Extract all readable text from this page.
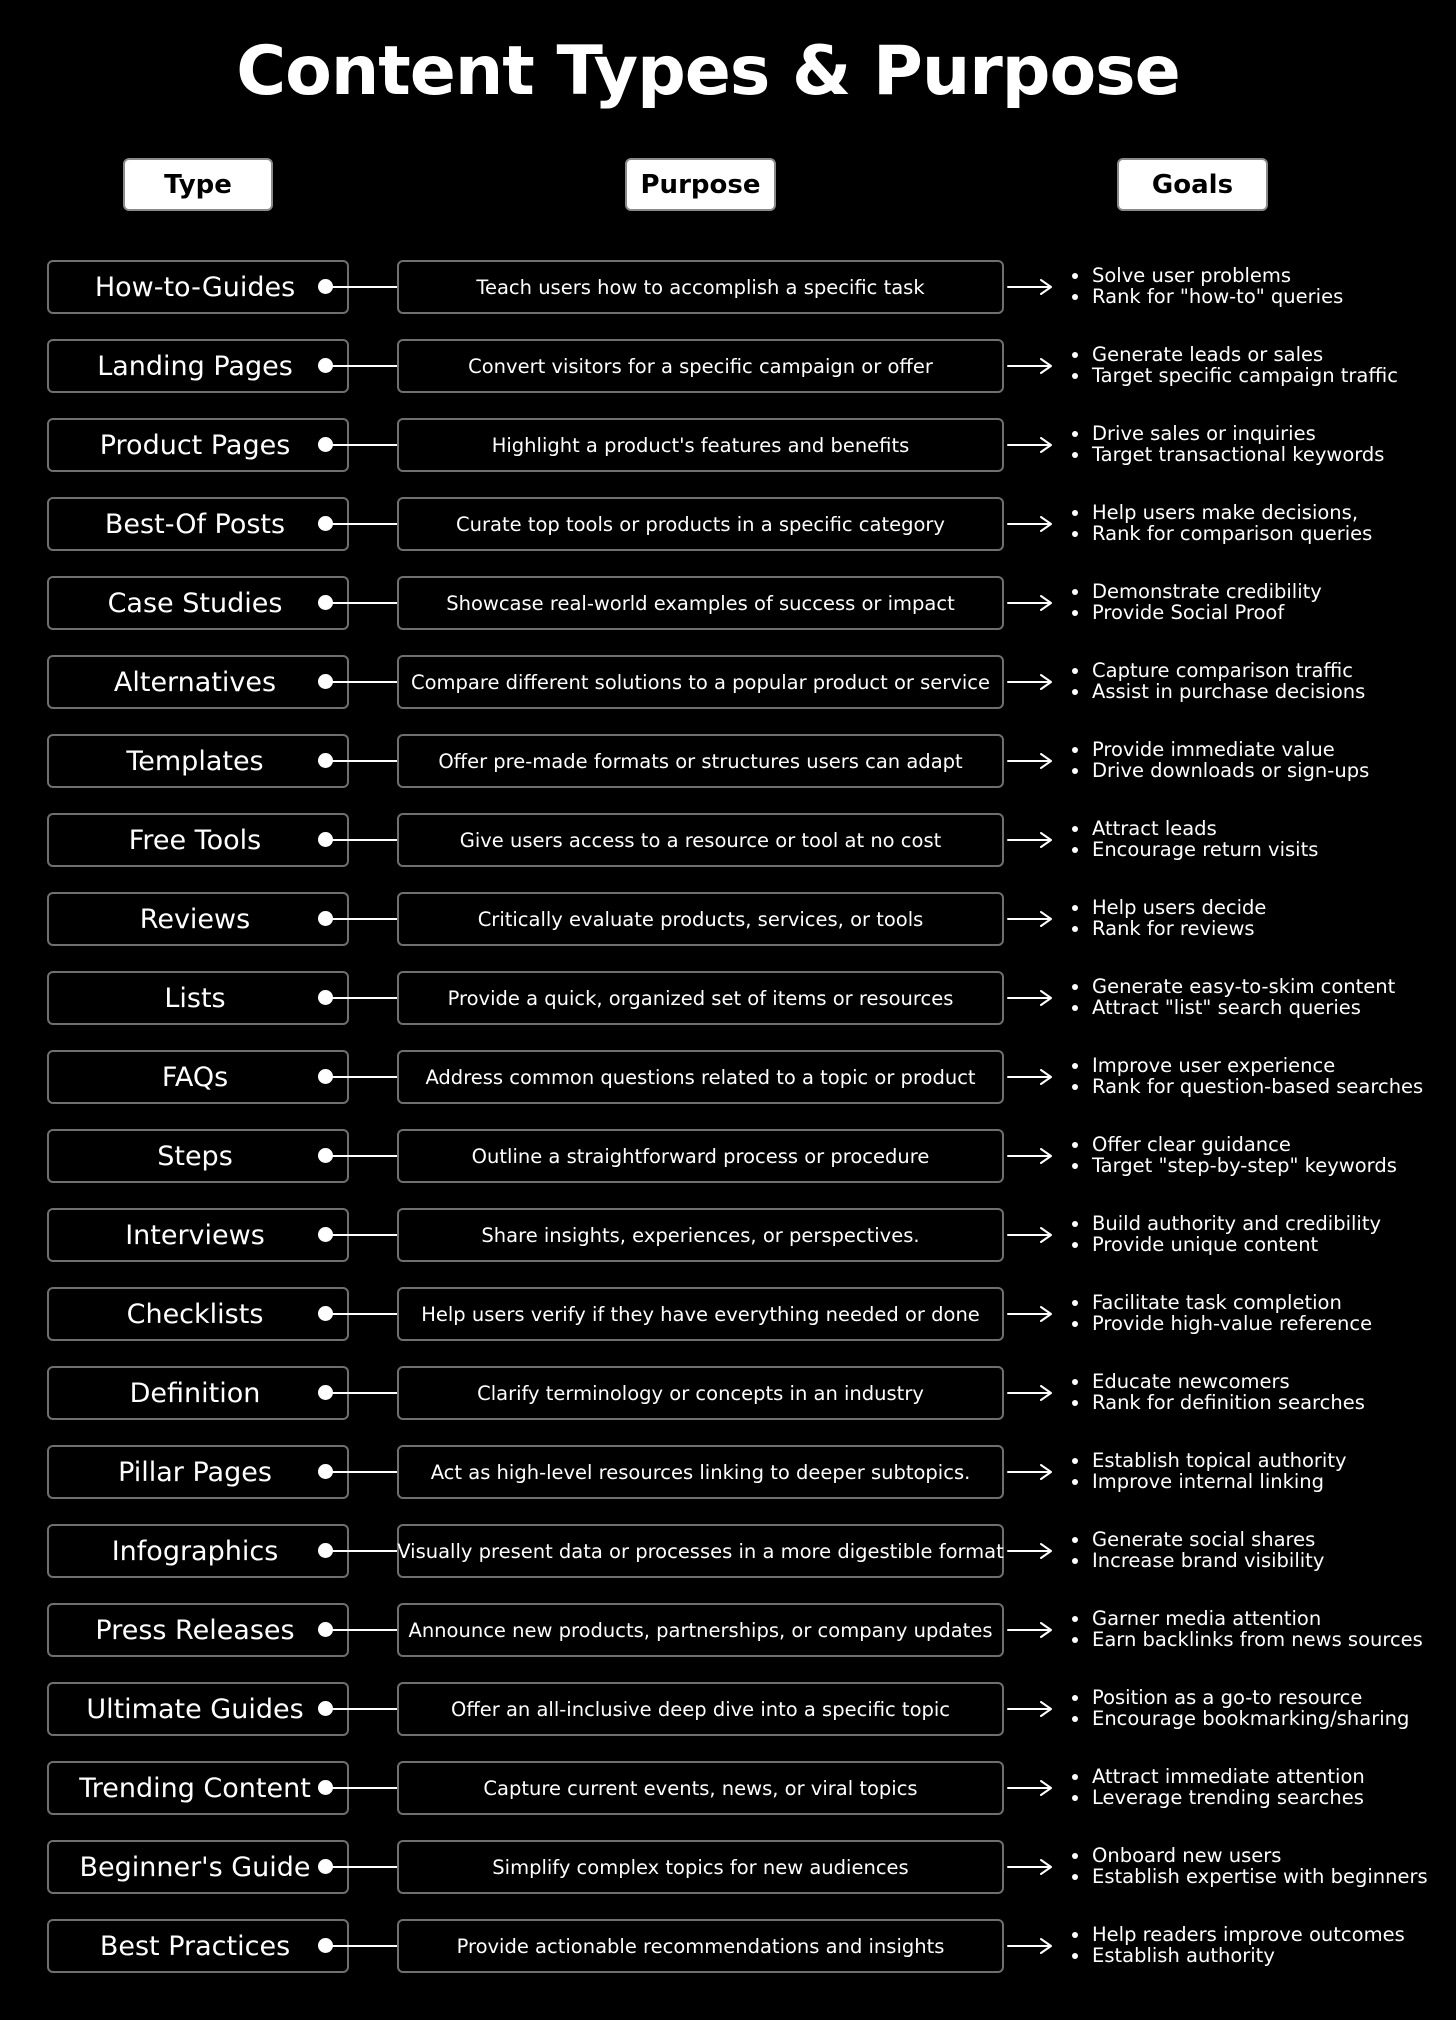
Content Types & Purpose
Type	Purpose	Goals
How-to-Guides	Teach users how to accomplish a specific task	Solve user problems
Rank for "how-to" queries
Landing Pages	Convert visitors for a specific campaign or offer	Generate leads or sales
Target specific campaign traffic
Product Pages	Highlight a product's features and benefits	Drive sales or inquiries
Target transactional keywords
Best-Of Posts	Curate top tools or products in a specific category	Help users make decisions,
Rank for comparison queries
Case Studies	Showcase real-world examples of success or impact	Demonstrate credibility
Provide Social Proof
Alternatives	Compare different solutions to a popular product or service	Capture comparison traffic
Assist in purchase decisions
Templates	Offer pre-made formats or structures users can adapt	Provide immediate value
Drive downloads or sign-ups
Free Tools	Give users access to a resource or tool at no cost	Attract leads
Encourage return visits
Reviews	Critically evaluate products, services, or tools	Help users decide
Rank for reviews
Lists	Provide a quick, organized set of items or resources	Generate easy-to-skim content
Attract "list" search queries
FAQs	Address common questions related to a topic or product	Improve user experience
Rank for question-based searches
Steps	Outline a straightforward process or procedure	Offer clear guidance
Target "step-by-step" keywords
Interviews	Share insights, experiences, or perspectives.	Build authority and credibility
Provide unique content
Checklists	Help users verify if they have everything needed or done	Facilitate task completion
Provide high-value reference
Definition	Clarify terminology or concepts in an industry	Educate newcomers
Rank for definition searches
Pillar Pages	Act as high-level resources linking to deeper subtopics.	Establish topical authority
Improve internal linking
Infographics	Visually present data or processes in a more digestible format	Generate social shares
Increase brand visibility
Press Releases	Announce new products, partnerships, or company updates	Garner media attention
Earn backlinks from news sources
Ultimate Guides	Offer an all-inclusive deep dive into a specific topic	Position as a go-to resource
Encourage bookmarking/sharing
Trending Content	Capture current events, news, or viral topics	Attract immediate attention
Leverage trending searches
Beginner's Guide	Simplify complex topics for new audiences	Onboard new users
Establish expertise with beginners
Best Practices	Provide actionable recommendations and insights	Help readers improve outcomes
Establish authority
